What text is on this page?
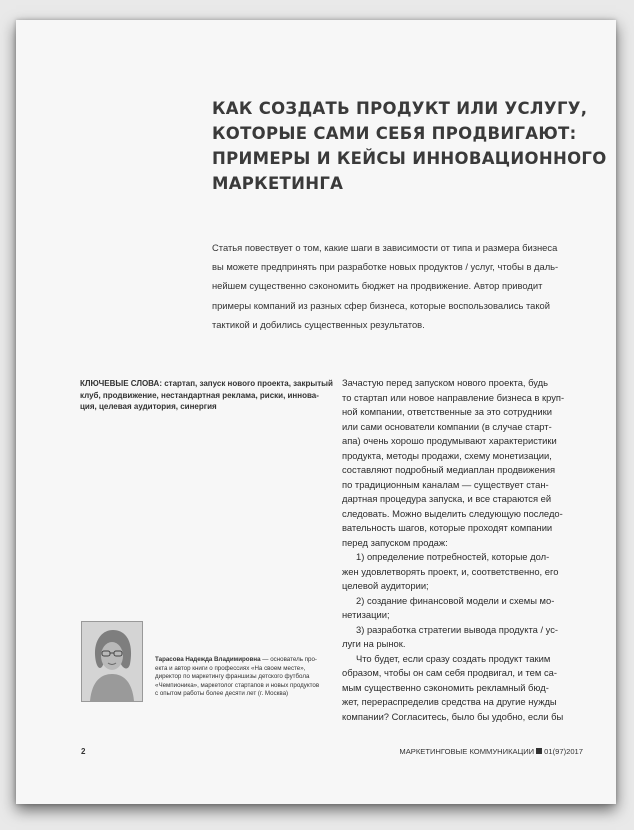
КАК СОЗДАТЬ ПРОДУКТ ИЛИ УСЛУГУ,
КОТОРЫЕ САМИ СЕБЯ ПРОДВИГАЮТ:
ПРИМЕРЫ И КЕЙСЫ ИННОВАЦИОННОГО
МАРКЕТИНГА

Статья повествует о том, какие шаги в зависимости от типа и размера бизнеса
вы можете предпринять при разработке новых продуктов / услуг, чтобы в даль-
нейшем существенно сэкономить бюджет на продвижение. Автор приводит
примеры компаний из разных сфер бизнеса, которые воспользовались такой
тактикой и добились существенных результатов.

КЛЮЧЕВЫЕ СЛОВА: стартап, запуск нового проекта, закрытый
клуб, продвижение, нестандартная реклама, риски, иннова-
ция, целевая аудитория, синергия
Зачастую перед запуском нового проекта, будь
то стартап или новое направление бизнеса в круп-
ной компании, ответственные за это сотрудники
или сами основатели компании (в случае старт-
апа) очень хорошо продумывают характеристики
продукта, методы продажи, схему монетизации,
составляют подробный медиаплан продвижения
по традиционным каналам — существует стан-
дартная процедура запуска, и все стараются ей
следовать. Можно выделить следующую последо-
вательность шагов, которые проходят компании
перед запуском продаж:
1) определение потребностей, которые дол-
жен удовлетворять проект, и, соответственно, его
целевой аудитории;
2) создание финансовой модели и схемы мо-
нетизации;
3) разработка стратегии вывода продукта / ус-
луги на рынок.
Что будет, если сразу создать продукт таким
образом, чтобы он сам себя продвигал, и тем са-
мым существенно сэкономить рекламный бюд-
жет, перераспределив средства на другие нужды
компании? Согласитесь, было бы удобно, если бы
Тарасова Надежда Владимировна — основатель про-
екта и автор книги о профессиях «На своем месте»,
директор по маркетингу франшизы детского футбола
«Чемпионика», маркетолог стартапов и новых продуктов
с опытом работы более десяти лет (г. Москва)
2	МАРКЕТИНГОВЫЕ КОММУНИКАЦИИ 01(97)2017
